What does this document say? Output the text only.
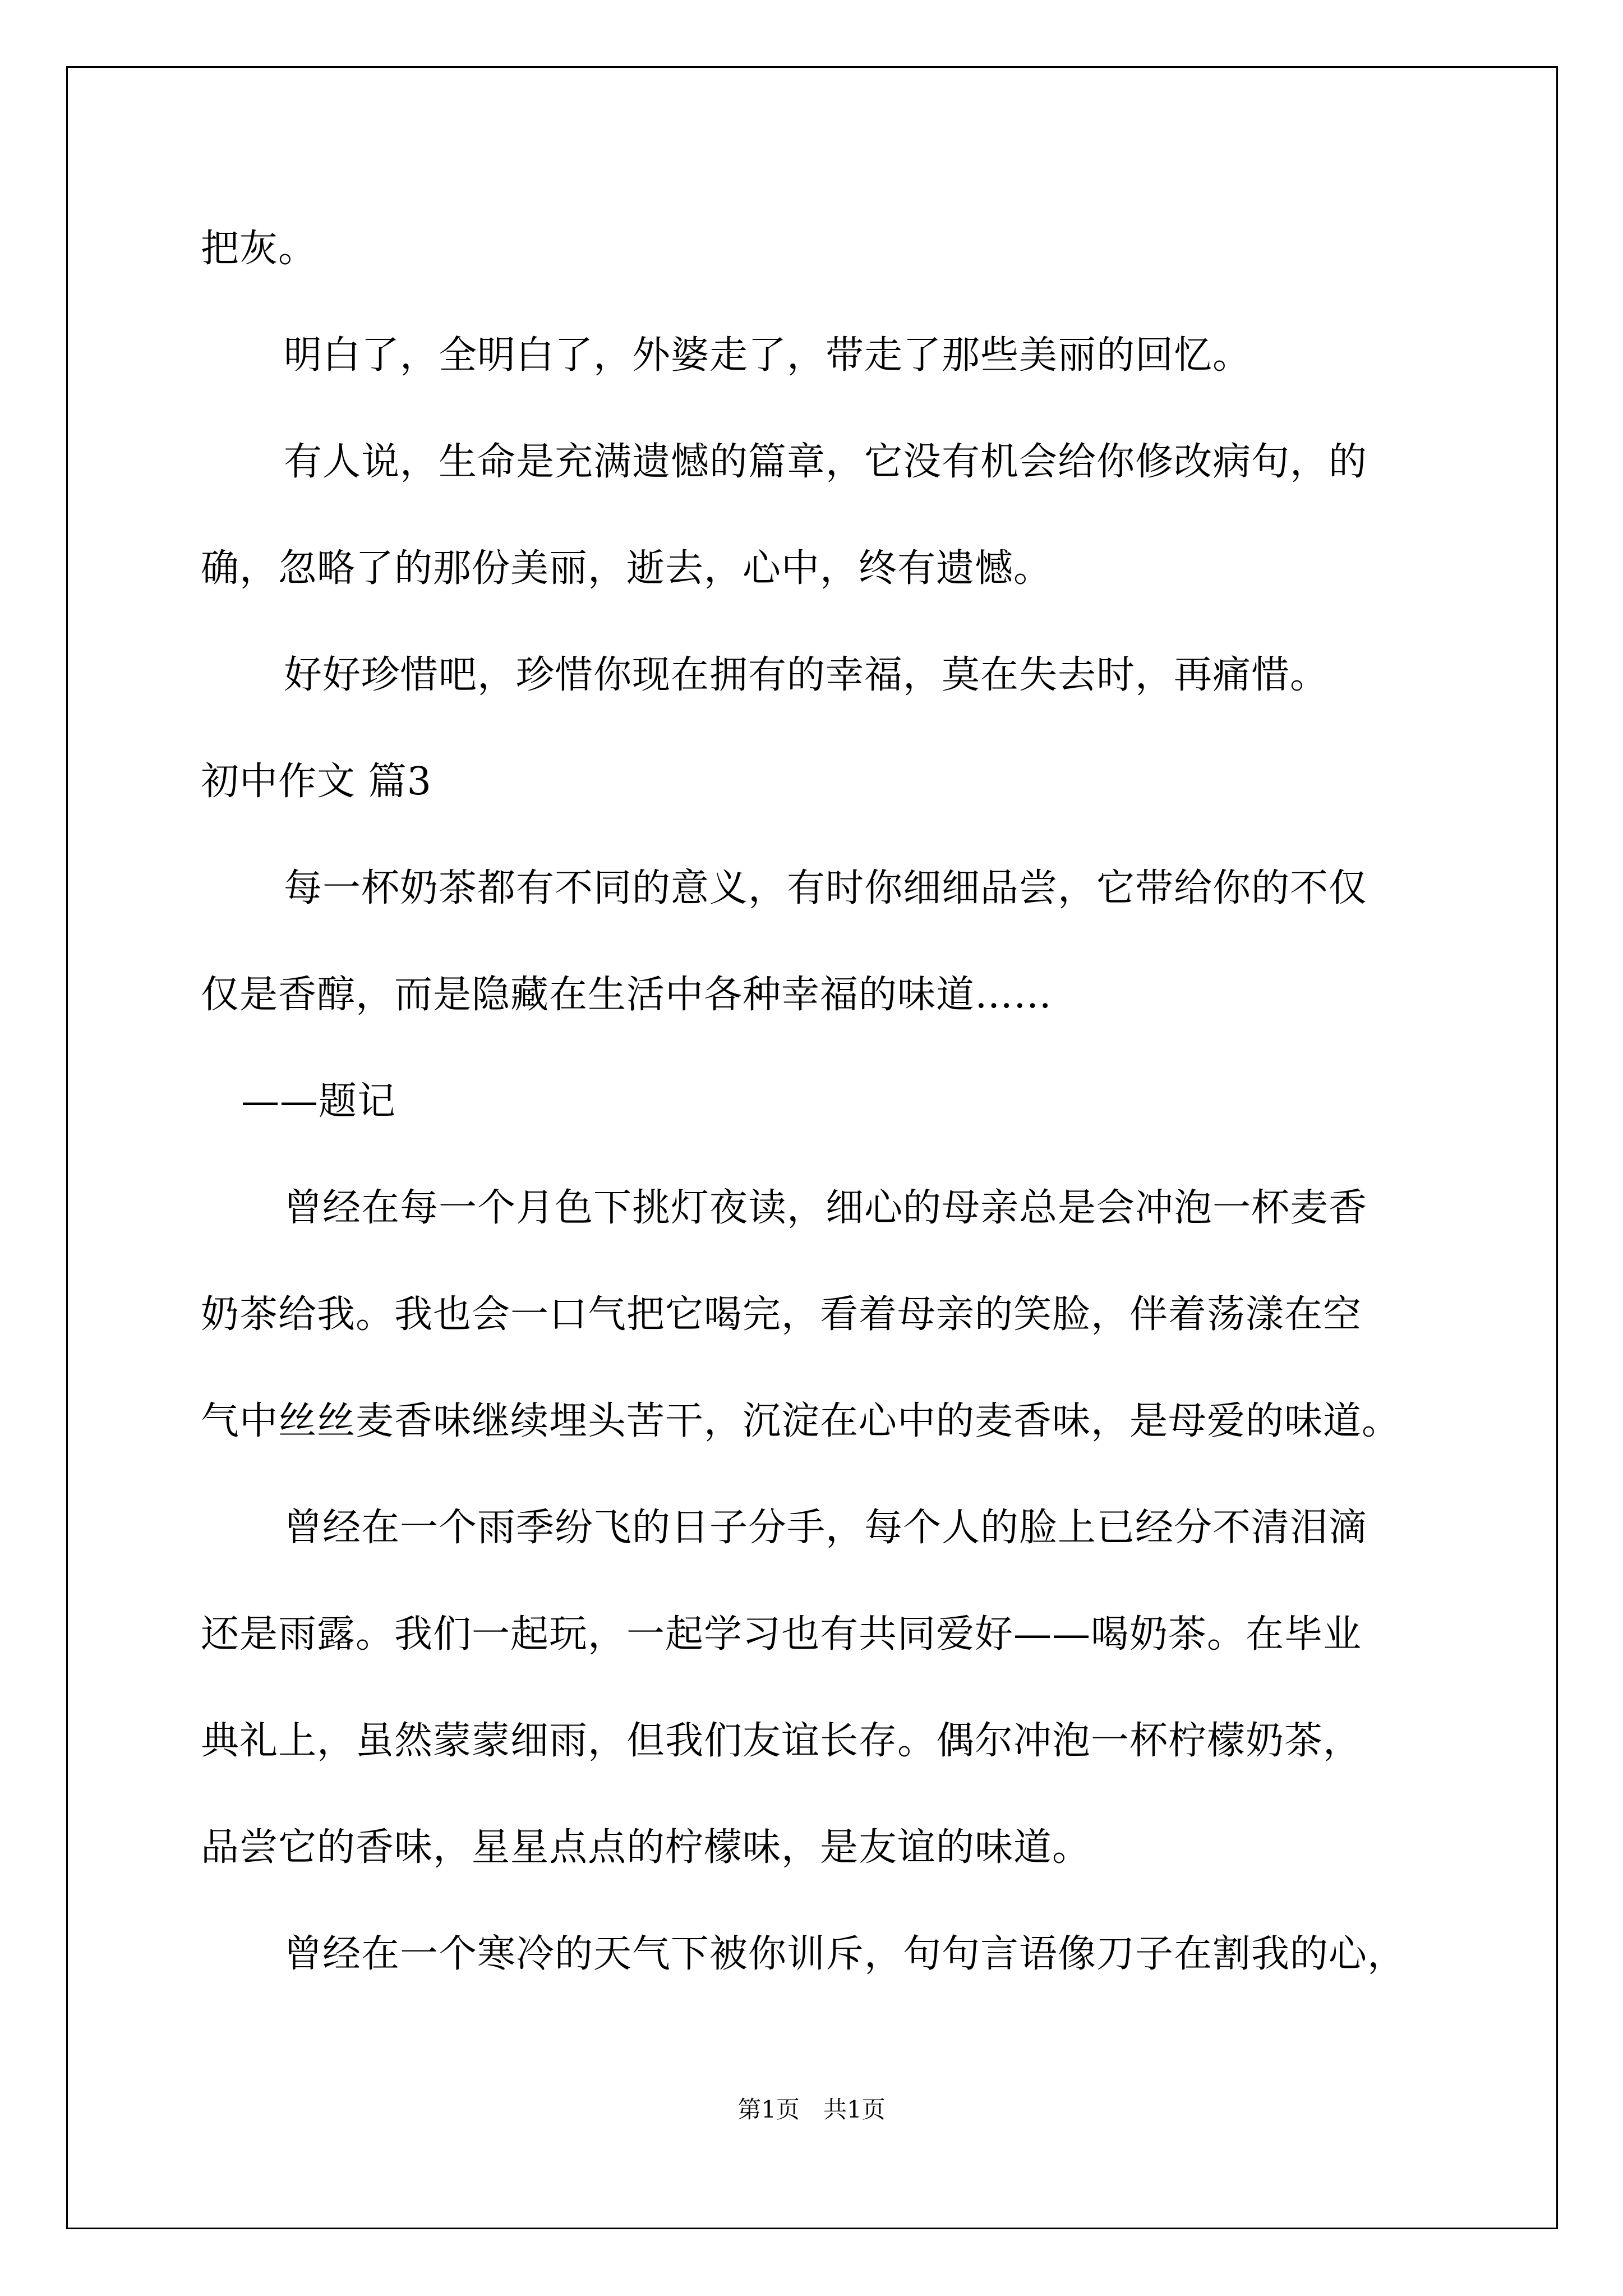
把灰。
明白了，全明白了，外婆走了，带走了那些美丽的回忆。
有人说，生命是充满遗憾的篇章，它没有机会给你修改病句，的
确，忽略了的那份美丽，逝去，心中，终有遗憾。
好好珍惜吧，珍惜你现在拥有的幸福，莫在失去时，再痛惜。
初中作文 篇3
每一杯奶茶都有不同的意义，有时你细细品尝，它带给你的不仅
仅是香醇，而是隐藏在生活中各种幸福的味道……
——题记
曾经在每一个月色下挑灯夜读，细心的母亲总是会冲泡一杯麦香
奶茶给我。我也会一口气把它喝完，看着母亲的笑脸，伴着荡漾在空
气中丝丝麦香味继续埋头苦干，沉淀在心中的麦香味，是母爱的味道。
曾经在一个雨季纷飞的日子分手，每个人的脸上已经分不清泪滴
还是雨露。我们一起玩，一起学习也有共同爱好——喝奶茶。在毕业
典礼上，虽然蒙蒙细雨，但我们友谊长存。偶尔冲泡一杯柠檬奶茶，
品尝它的香味，星星点点的柠檬味，是友谊的味道。
曾经在一个寒冷的天气下被你训斥，句句言语像刀子在割我的心，
第1页　共1页
